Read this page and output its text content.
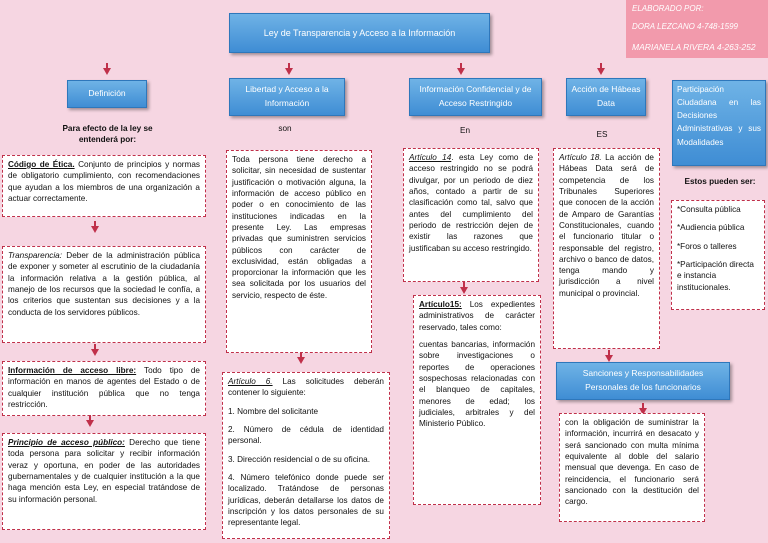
ELABORADO POR:
DORA LEZCANO 4-748-1599
MARIANELA RIVERA 4-263-252
Ley de Transparencia y Acceso a la Información
Definición
Para efecto de la ley se entenderá por:
Código de Ética. Conjunto de principios y normas de obligatorio cumplimiento, con recomendaciones que ayudan a los miembros de una organización a actuar correctamente.
Transparencia: Deber de la administración pública de exponer y someter al escrutinio de la ciudadanía la información relativa a la gestión pública, al manejo de los recursos que la sociedad le confía, a los criterios que sustentan sus decisiones y a la conducta de los servidores públicos.
Información de acceso libre: Todo tipo de información en manos de agentes del Estado o de cualquier institución pública que no tenga restricción.
Principio de acceso público: Derecho que tiene toda persona para solicitar y recibir información veraz y oportuna, en poder de las autoridades gubernamentales y de cualquier institución a la que haga mención esta Ley, en especial tratándose de su información personal.
Libertad y Acceso a la Información
son
Toda persona tiene derecho a solicitar, sin necesidad de sustentar justificación o motivación alguna, la información de acceso público en poder o en conocimiento de las instituciones indicadas en la presente Ley. Las empresas privadas que suministren servicios públicos con carácter de exclusividad, están obligadas a proporcionar la información que les sea solicitada por los usuarios del servicio, respecto de éste.

Artículo 6. Las solicitudes deberán contener lo siguiente:

1. Nombre del solicitante

2. Número de cédula de identidad personal.

3. Dirección residencial o de su oficina.

4. Número telefónico donde puede ser localizado. Tratándose de personas jurídicas, deberán detallarse los datos de inscripción y los datos personales de su representante legal.

Información Confidencial y de Acceso Restringido
En
Artículo 14. esta Ley como de acceso restringido no se podrá divulgar, por un periodo de diez años, contado a partir de su clasificación como tal, salvo que antes del cumplimiento del periodo de restricción dejen de existir las razones que justificaban su acceso restringido.
Artículo15: Los expedientes administrativos de carácter reservado, tales como:
cuentas bancarias, información sobre investigaciones o reportes de operaciones sospechosas relacionadas con el blanqueo de capitales, menores de edad; los judiciales, arbitrales y del Ministerio Público.
Acción de Hábeas Data
ES
Artículo 18. La acción de Hábeas Data será de competencia de los Tribunales Superiores que conocen de la acción de Amparo de Garantías Constitucionales, cuando el funcionario titular o responsable del registro, archivo o banco de datos, tenga mando y jurisdicción a nivel municipal o provincial.
Sanciones y Responsabilidades Personales de los funcionarios
con la obligación de suministrar la información, incurrirá en desacato y será sancionado con multa mínima equivalente al doble del salario mensual que devenga. En caso de reincidencia, el funcionario será sancionado con la destitución del cargo.
Participación Ciudadana en las Decisiones Administrativas y sus Modalidades
Estos pueden ser:

*Consulta pública

*Audiencia pública

*Foros o talleres

*Participación directa e instancia institucionales.
